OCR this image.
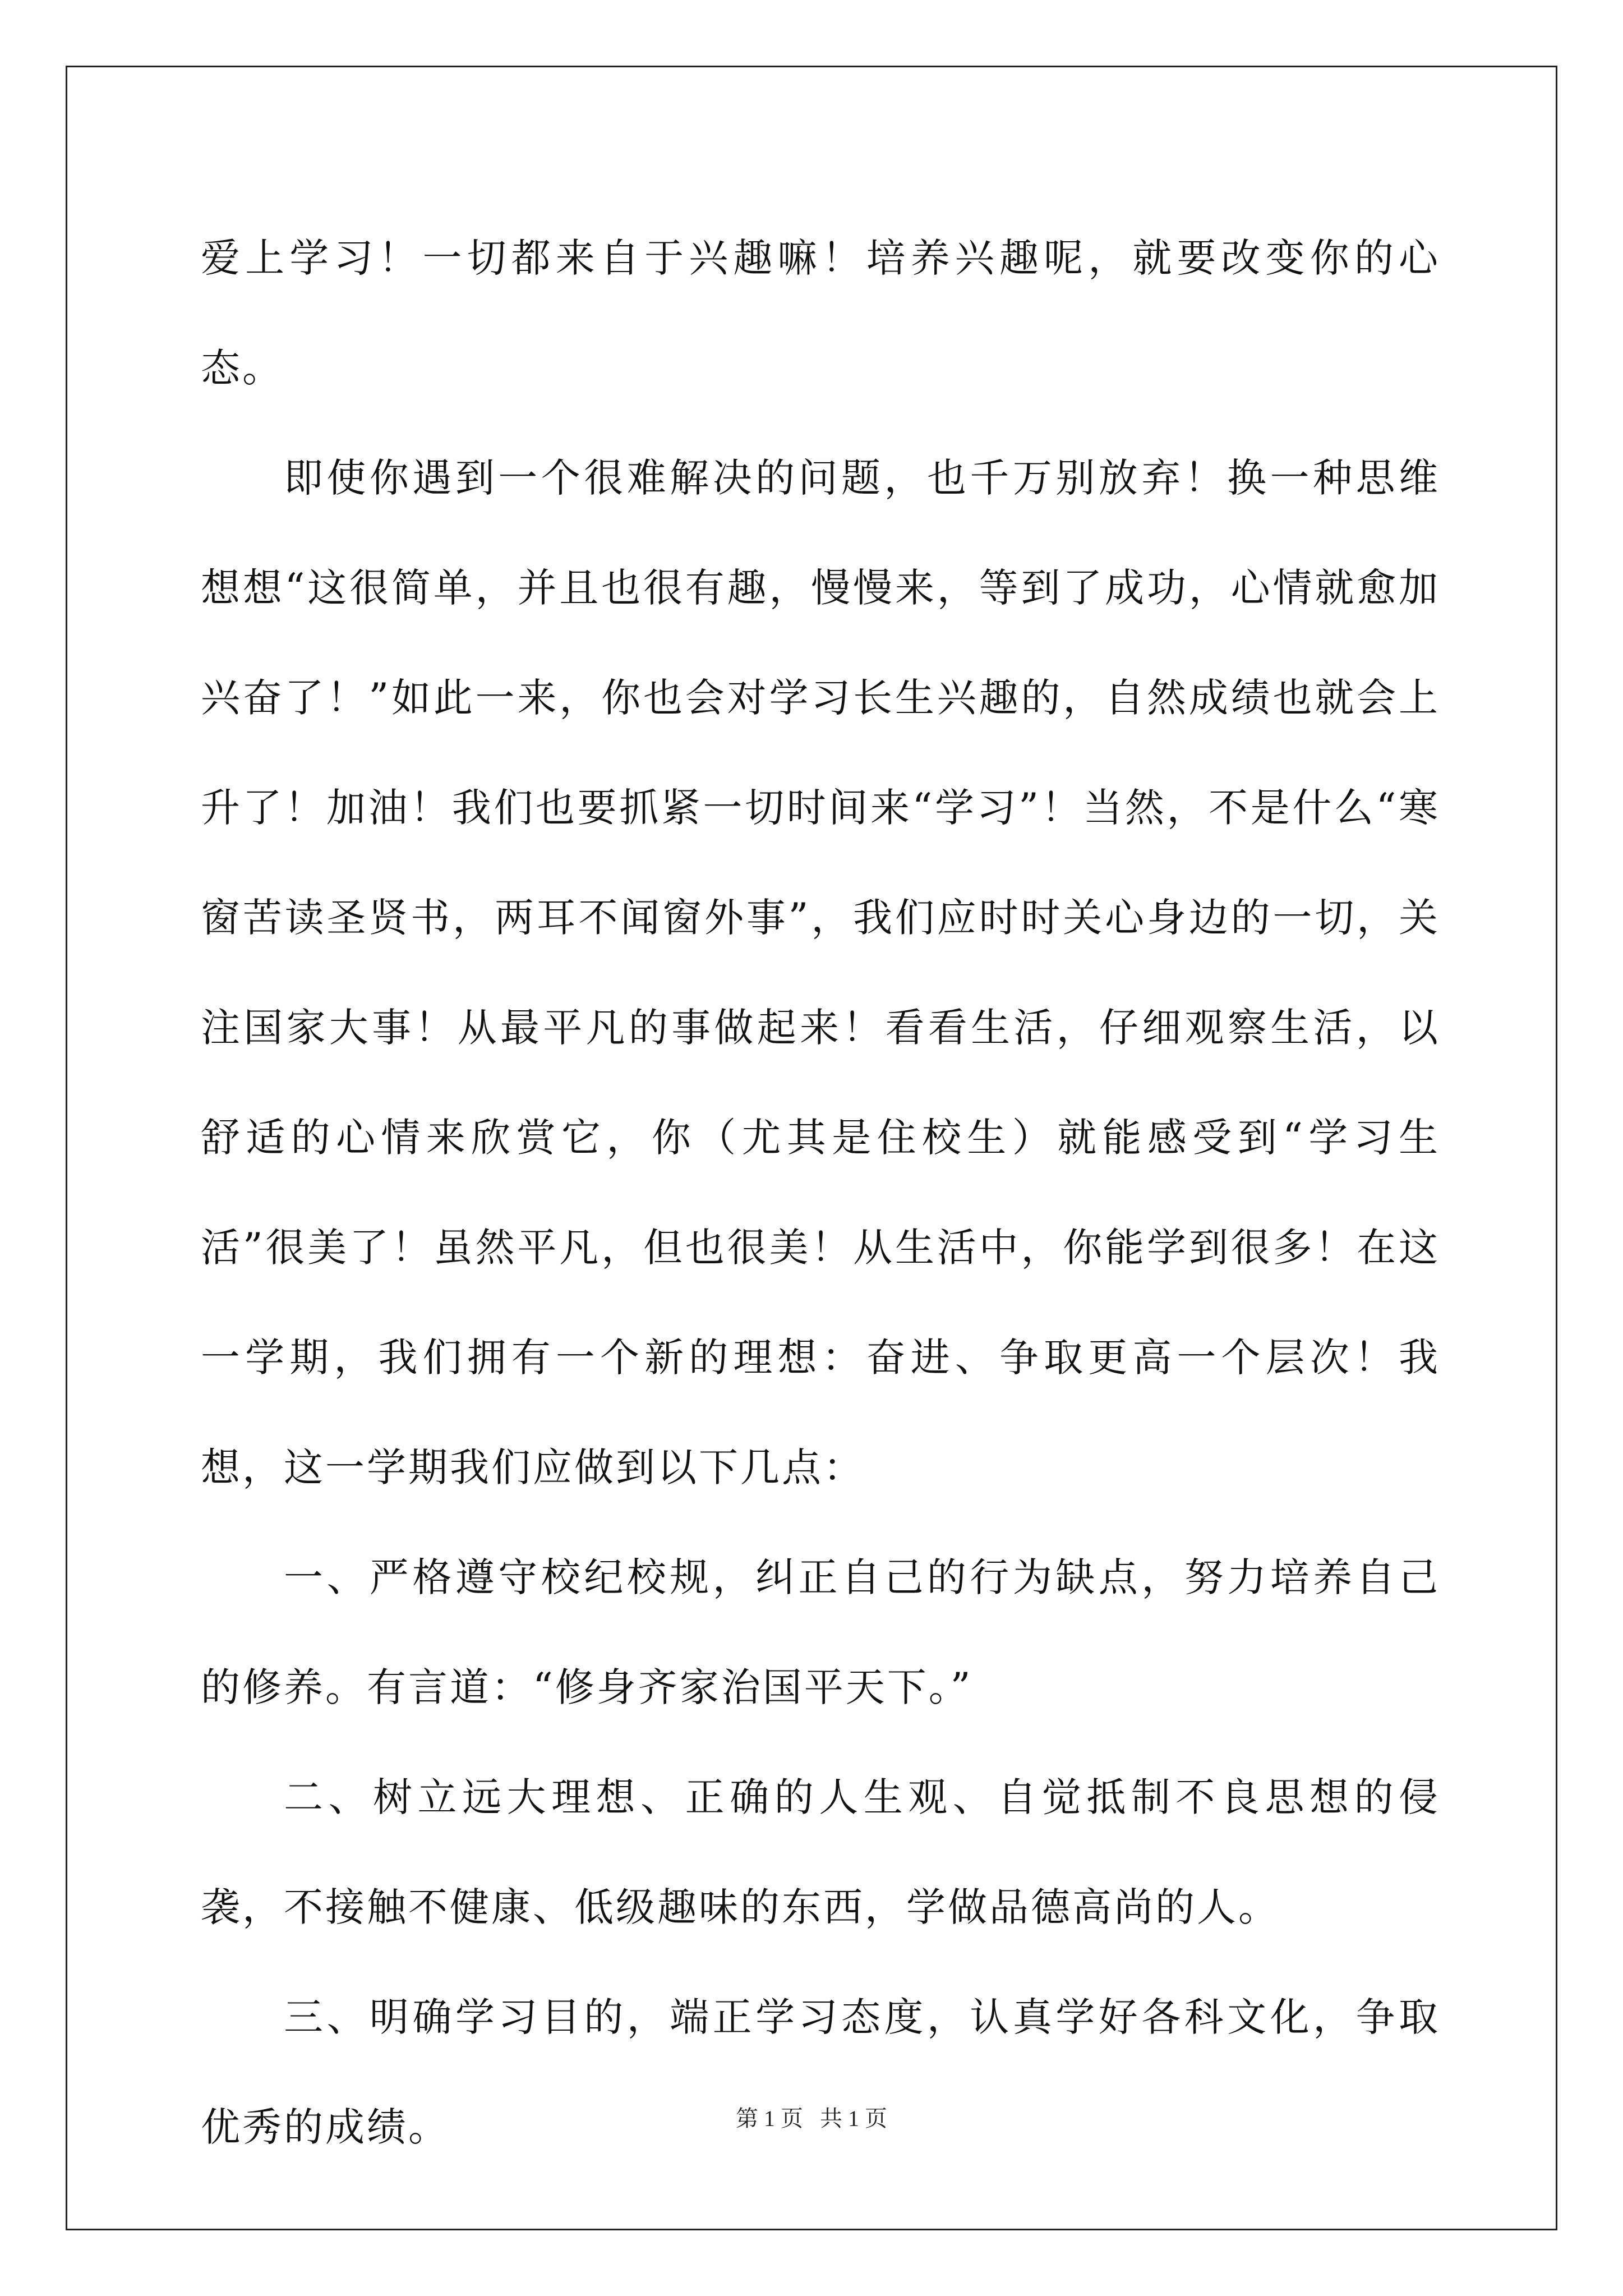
爱上学习！一切都来自于兴趣嘛！培养兴趣呢，就要改变你的心态。

即使你遇到一个很难解决的问题，也千万别放弃！换一种思维想想“这很简单，并且也很有趣，慢慢来，等到了成功，心情就愈加兴奋了！”如此一来，你也会对学习长生兴趣的，自然成绩也就会上升了！加油！我们也要抓紧一切时间来“学习”！当然，不是什么“寒窗苦读圣贤书，两耳不闻窗外事”，我们应时时关心身边的一切，关注国家大事！从最平凡的事做起来！看看生活，仔细观察生活，以舒适的心情来欣赏它，你（尤其是住校生）就能感受到“学习生活”很美了！虽然平凡，但也很美！从生活中，你能学到很多！在这一学期，我们拥有一个新的理想：奋进、争取更高一个层次！我想，这一学期我们应做到以下几点：

一、严格遵守校纪校规，纠正自己的行为缺点，努力培养自己的修养。有言道：“修身齐家治国平天下。”

二、树立远大理想、正确的人生观、自觉抵制不良思想的侵袭，不接触不健康、低级趣味的东西，学做品德高尚的人。

三、明确学习目的，端正学习态度，认真学好各科文化，争取优秀的成绩。	第 1 页   共 1 页
